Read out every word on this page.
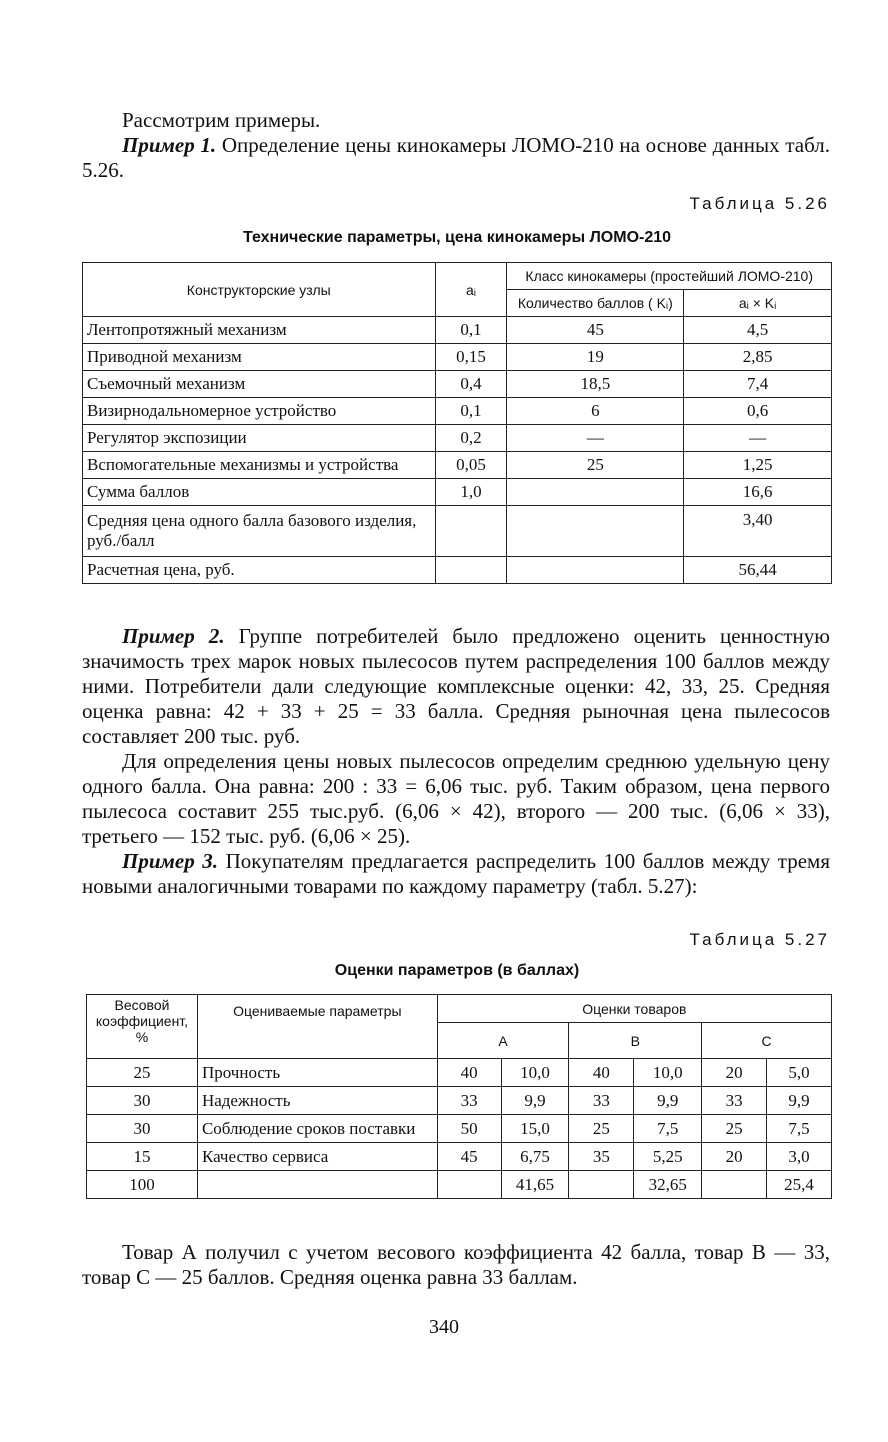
Рассмотрим примеры.

Пример 1. Определение цены кинокамеры ЛОМО-210 на основе данных табл. 5.26.

Таблица 5.26
Технические параметры, цена кинокамеры ЛОМО-210
Конструкторские узлы	aᵢ	Класс кинокамеры (простейший ЛОМО-210)	
		Количество баллов ( Kᵢ)	aᵢ × Kᵢ
Лентопротяжный механизм	0,1	45	4,5
Приводной механизм	0,15	19	2,85
Съемочный механизм	0,4	18,5	7,4
Визирнодальномерное устройство	0,1	6	0,6
Регулятор экспозиции	0,2	—	—
Вспомогательные механизмы и устройства	0,05	25	1,25
Сумма баллов	1,0		16,6
Средняя цена одного балла базового изделия, руб./балл			3,40
Расчетная цена, руб.			56,44

Пример 2. Группе потребителей было предложено оценить ценностную значимость трех марок новых пылесосов путем распределения 100 баллов между ними. Потребители дали следующие комплексные оценки: 42, 33, 25. Средняя оценка равна: 42 + 33 + 25 = 33 балла. Средняя рыночная цена пылесосов составляет 200 тыс. руб.

Для определения цены новых пылесосов определим среднюю удельную цену одного балла. Она равна: 200 : 33 = 6,06 тыс. руб. Таким образом, цена первого пылесоса составит 255 тыс.руб. (6,06 × 42), второго — 200 тыс. (6,06 × 33), третьего — 152 тыс. руб. (6,06 × 25).

Пример 3. Покупателям предлагается распределить 100 баллов между тремя новыми аналогичными товарами по каждому параметру (табл. 5.27):

Таблица 5.27
Оценки параметров (в баллах)
Весовой коэффициент, %	Оцениваемые параметры	Оценки товаров					
		A		B		C	
25	Прочность	40	10,0	40	10,0	20	5,0
30	Надежность	33	9,9	33	9,9	33	9,9
30	Соблюдение сроков поставки	50	15,0	25	7,5	25	7,5
15	Качество сервиса	45	6,75	35	5,25	20	3,0
100			41,65		32,65		25,4

Товар А получил с учетом весового коэффициента 42 балла, товар В — 33, товар С — 25 баллов. Средняя оценка равна 33 баллам.

340
